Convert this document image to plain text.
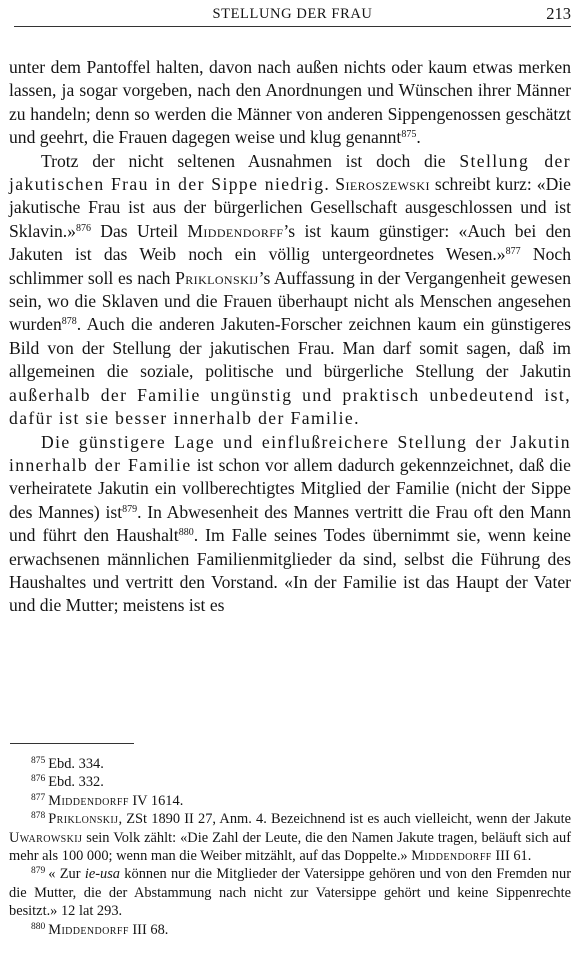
STELLUNG DER FRAU	213

unter dem Pantoffel halten, davon nach außen nichts oder kaum etwas merken lassen, ja sogar vorgeben, nach den Anordnungen und Wünschen ihrer Männer zu handeln; denn so werden die Männer von anderen Sippengenossen geschätzt und geehrt, die Frauen dagegen weise und klug genannt$^{875}$.

Trotz der nicht seltenen Ausnahmen ist doch die Stellung der jakutischen Frau in der Sippe niedrig. Sieroszewski schreibt kurz: «Die jakutische Frau ist aus der bürgerlichen Gesellschaft ausgeschlossen und ist Sklavin.»$^{876}$ Das Urteil Middendorff’s ist kaum günstiger: «Auch bei den Jakuten ist das Weib noch ein völlig untergeordnetes Wesen.»$^{877}$ Noch schlimmer soll es nach Priklonskij’s Auffassung in der Vergangenheit gewesen sein, wo die Sklaven und die Frauen überhaupt nicht als Menschen angesehen wurden$^{878}$. Auch die anderen Jakuten-Forscher zeichnen kaum ein günstigeres Bild von der Stellung der jakutischen Frau. Man darf somit sagen, daß im allgemeinen die soziale, politische und bürgerliche Stellung der Jakutin außerhalb der Familie ungünstig und praktisch unbedeutend ist, dafür ist sie besser innerhalb der Familie.

Die günstigere Lage und einflußreichere Stellung der Jakutin innerhalb der Familie ist schon vor allem dadurch gekennzeichnet, daß die verheiratete Jakutin ein vollberechtigtes Mitglied der Familie (nicht der Sippe des Mannes) ist$^{879}$. In Abwesenheit des Mannes vertritt die Frau oft den Mann und führt den Haushalt$^{880}$. Im Falle seines Todes übernimmt sie, wenn keine erwachsenen männlichen Familienmitglieder da sind, selbst die Führung des Haushaltes und vertritt den Vorstand. «In der Familie ist das Haupt der Vater und die Mutter; meistens ist es

$^{875}$ Ebd. 334.

$^{876}$ Ebd. 332.

$^{877}$ Middendorff IV 1614.

$^{878}$ Priklonskij, ZSt 1890 II 27, Anm. 4. Bezeichnend ist es auch vielleicht, wenn der Jakute Uwarowskij sein Volk zählt: «Die Zahl der Leute, die den Namen Jakute tragen, beläuft sich auf mehr als 100 000; wenn man die Weiber mitzählt, auf das Doppelte.» Middendorff III 61.

$^{879}$ « Zur ie-usa können nur die Mitglieder der Vatersippe gehören und von den Fremden nur die Mutter, die der Abstammung nach nicht zur Vatersippe gehört und keine Sippenrechte besitzt.» 12 lat 293.

$^{880}$ Middendorff III 68.
